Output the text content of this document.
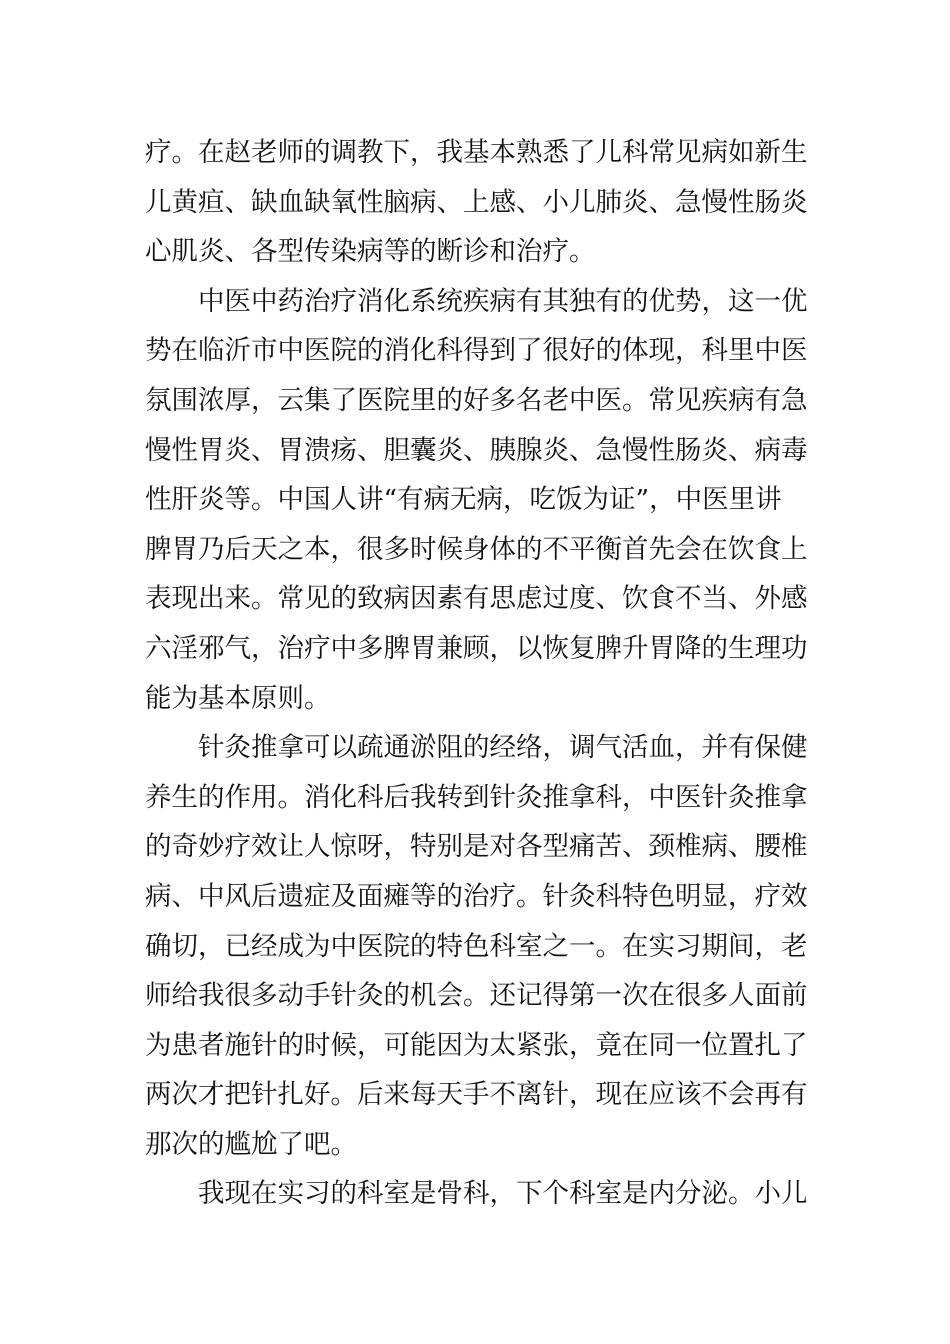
疗。在赵老师的调教下，我基本熟悉了儿科常见病如新生
儿黄疸、缺血缺氧性脑病、上感、小儿肺炎、急慢性肠炎
心肌炎、各型传染病等的断诊和治疗。
　　中医中药治疗消化系统疾病有其独有的优势，这一优
势在临沂市中医院的消化科得到了很好的体现，科里中医
氛围浓厚，云集了医院里的好多名老中医。常见疾病有急
慢性胃炎、胃溃疡、胆囊炎、胰腺炎、急慢性肠炎、病毒
性肝炎等。中国人讲“有病无病，吃饭为证”，中医里讲
脾胃乃后天之本，很多时候身体的不平衡首先会在饮食上
表现出来。常见的致病因素有思虑过度、饮食不当、外感
六淫邪气，治疗中多脾胃兼顾，以恢复脾升胃降的生理功
能为基本原则。
　　针灸推拿可以疏通淤阻的经络，调气活血，并有保健
养生的作用。消化科后我转到针灸推拿科，中医针灸推拿
的奇妙疗效让人惊呀，特别是对各型痛苦、颈椎病、腰椎
病、中风后遗症及面瘫等的治疗。针灸科特色明显，疗效
确切，已经成为中医院的特色科室之一。在实习期间，老
师给我很多动手针灸的机会。还记得第一次在很多人面前
为患者施针的时候，可能因为太紧张，竟在同一位置扎了
两次才把针扎好。后来每天手不离针，现在应该不会再有
那次的尴尬了吧。
　　我现在实习的科室是骨科，下个科室是内分泌。小儿
